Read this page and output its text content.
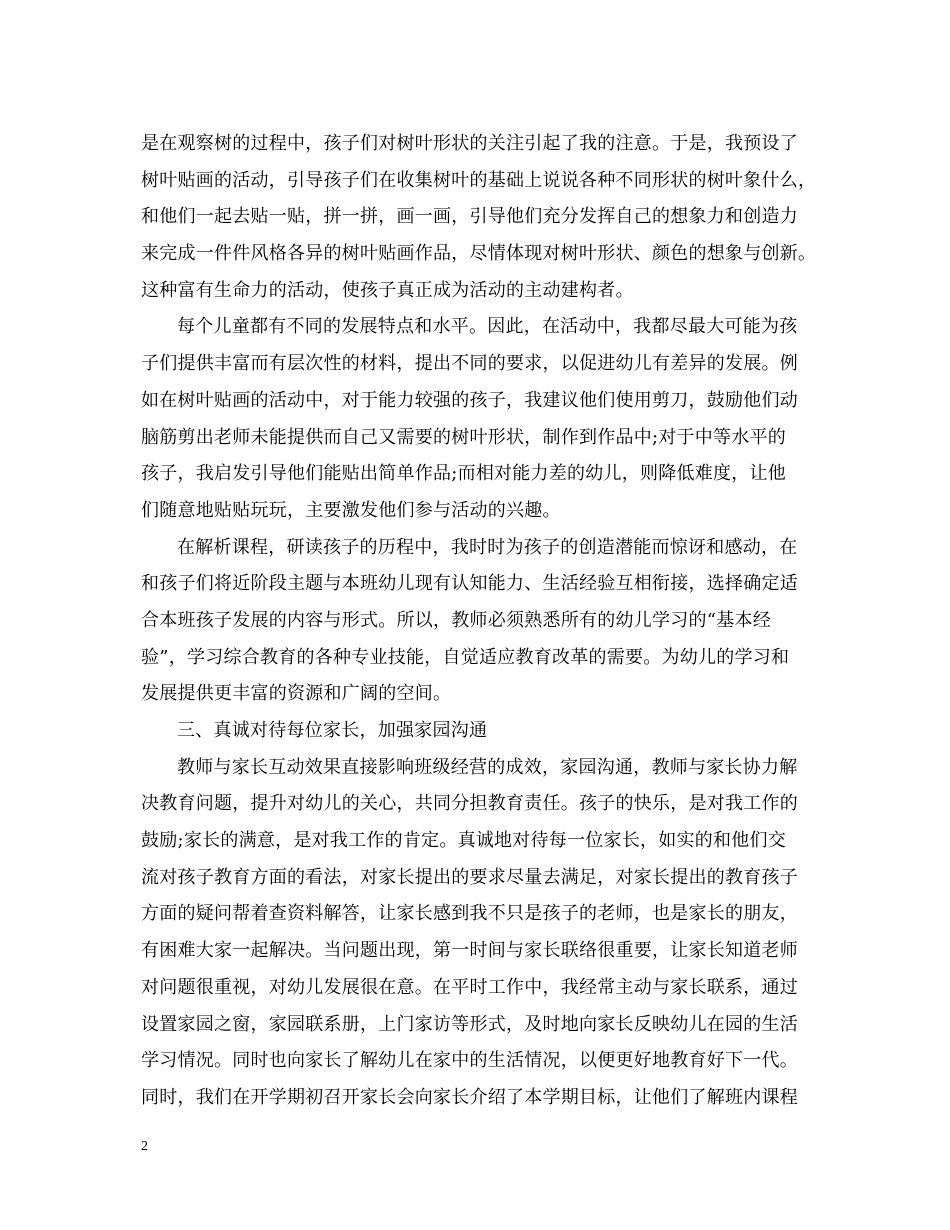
是在观察树的过程中，孩子们对树叶形状的关注引起了我的注意。于是，我预设了
树叶贴画的活动，引导孩子们在收集树叶的基础上说说各种不同形状的树叶象什么，
和他们一起去贴一贴，拼一拼，画一画，引导他们充分发挥自己的想象力和创造力
来完成一件件风格各异的树叶贴画作品，尽情体现对树叶形状、颜色的想象与创新。
这种富有生命力的活动，使孩子真正成为活动的主动建构者。
每个儿童都有不同的发展特点和水平。因此，在活动中，我都尽最大可能为孩
子们提供丰富而有层次性的材料，提出不同的要求，以促进幼儿有差异的发展。例
如在树叶贴画的活动中，对于能力较强的孩子，我建议他们使用剪刀，鼓励他们动
脑筋剪出老师未能提供而自己又需要的树叶形状，制作到作品中;对于中等水平的
孩子，我启发引导他们能贴出简单作品;而相对能力差的幼儿，则降低难度，让他
们随意地贴贴玩玩，主要激发他们参与活动的兴趣。
在解析课程，研读孩子的历程中，我时时为孩子的创造潜能而惊讶和感动，在
和孩子们将近阶段主题与本班幼儿现有认知能力、生活经验互相衔接，选择确定适
合本班孩子发展的内容与形式。所以，教师必须熟悉所有的幼儿学习的“基本经
验”，学习综合教育的各种专业技能，自觉适应教育改革的需要。为幼儿的学习和
发展提供更丰富的资源和广阔的空间。
三、真诚对待每位家长，加强家园沟通
教师与家长互动效果直接影响班级经营的成效，家园沟通，教师与家长协力解
决教育问题，提升对幼儿的关心，共同分担教育责任。孩子的快乐，是对我工作的
鼓励;家长的满意，是对我工作的肯定。真诚地对待每一位家长，如实的和他们交
流对孩子教育方面的看法，对家长提出的要求尽量去满足，对家长提出的教育孩子
方面的疑问帮着查资料解答，让家长感到我不只是孩子的老师，也是家长的朋友，
有困难大家一起解决。当问题出现，第一时间与家长联络很重要，让家长知道老师
对问题很重视，对幼儿发展很在意。在平时工作中，我经常主动与家长联系，通过
设置家园之窗，家园联系册，上门家访等形式，及时地向家长反映幼儿在园的生活
学习情况。同时也向家长了解幼儿在家中的生活情况，以便更好地教育好下一代。
同时，我们在开学期初召开家长会向家长介绍了本学期目标，让他们了解班内课程
2
